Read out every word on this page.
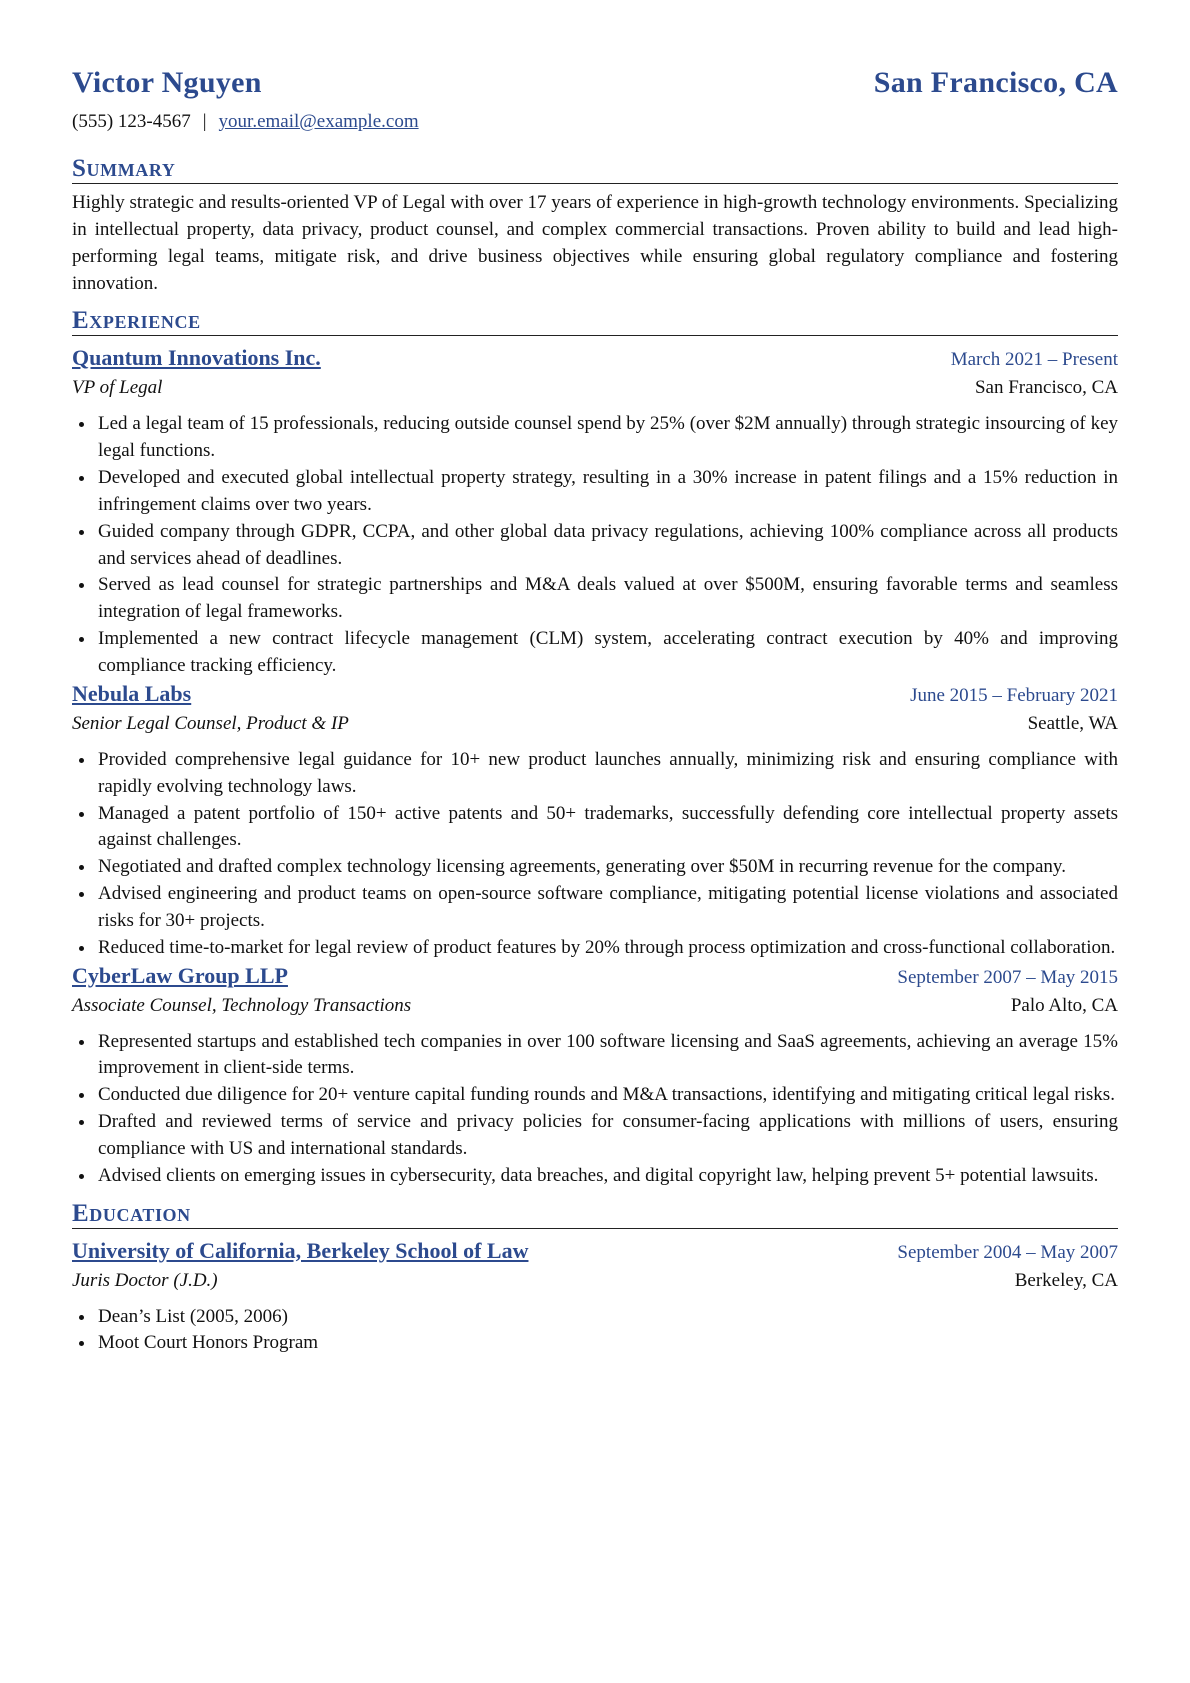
Victor Nguyen	San Francisco, CA
(555) 123-4567 | your.email@example.com
Summary
Highly strategic and results-oriented VP of Legal with over 17 years of experience in high-growth technology environments. Specializing in intellectual property, data privacy, product counsel, and complex commercial transactions. Proven ability to build and lead high-performing legal teams, mitigate risk, and drive business objectives while ensuring global regulatory compliance and fostering innovation.
Experience
Quantum Innovations Inc.	March 2021 – Present
VP of Legal	San Francisco, CA
• Led a legal team of 15 professionals, reducing outside counsel spend by 25% (over $2M annually) through strategic insourcing of key legal functions.
• Developed and executed global intellectual property strategy, resulting in a 30% increase in patent filings and a 15% reduction in infringement claims over two years.
• Guided company through GDPR, CCPA, and other global data privacy regulations, achieving 100% compliance across all products and services ahead of deadlines.
• Served as lead counsel for strategic partnerships and M&A deals valued at over $500M, ensuring favorable terms and seamless integration of legal frameworks.
• Implemented a new contract lifecycle management (CLM) system, accelerating contract execution by 40% and improving compliance tracking efficiency.
Nebula Labs	June 2015 – February 2021
Senior Legal Counsel, Product & IP	Seattle, WA
• Provided comprehensive legal guidance for 10+ new product launches annually, minimizing risk and ensuring compliance with rapidly evolving technology laws.
• Managed a patent portfolio of 150+ active patents and 50+ trademarks, successfully defending core intellectual property assets against challenges.
• Negotiated and drafted complex technology licensing agreements, generating over $50M in recurring revenue for the company.
• Advised engineering and product teams on open-source software compliance, mitigating potential license violations and associated risks for 30+ projects.
• Reduced time-to-market for legal review of product features by 20% through process optimization and cross-functional collaboration.
CyberLaw Group LLP	September 2007 – May 2015
Associate Counsel, Technology Transactions	Palo Alto, CA
• Represented startups and established tech companies in over 100 software licensing and SaaS agreements, achieving an average 15% improvement in client-side terms.
• Conducted due diligence for 20+ venture capital funding rounds and M&A transactions, identifying and mitigating critical legal risks.
• Drafted and reviewed terms of service and privacy policies for consumer-facing applications with millions of users, ensuring compliance with US and international standards.
• Advised clients on emerging issues in cybersecurity, data breaches, and digital copyright law, helping prevent 5+ potential lawsuits.
Education
University of California, Berkeley School of Law	September 2004 – May 2007
Juris Doctor (J.D.)	Berkeley, CA
• Dean’s List (2005, 2006)
• Moot Court Honors Program
